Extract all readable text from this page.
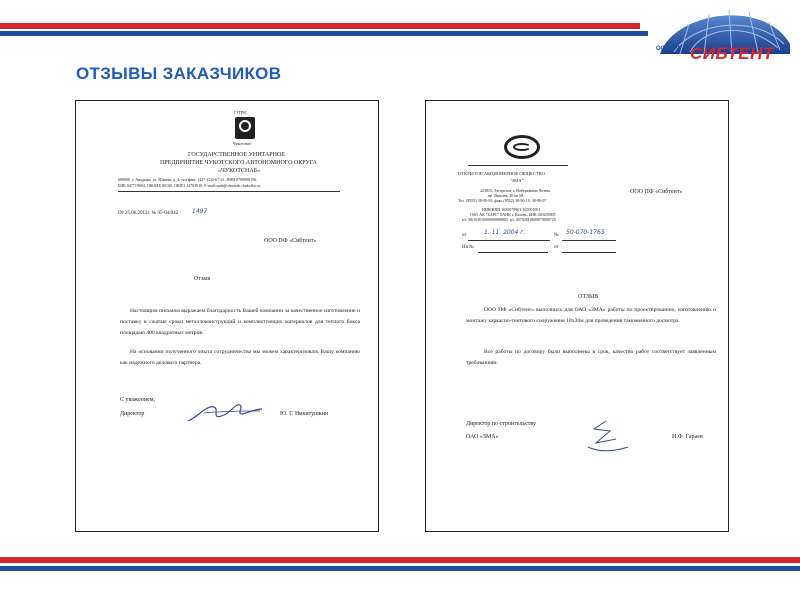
ООО ПФ СИБТЕНТ
ОТЗЫВЫ ЗАКАЗЧИКОВ
ГУПЧС
Чукотснаб
ГОСУДАРСТВЕННОЕ УНИТАРНОЕ
ПРЕДПРИЯТИЕ ЧУКОТСКОГО АВТОНОМНОГО ОКРУГА
«ЧУКОТСНАБ»
689000, г. Анадырь, ул. Южная, д. 4, тел/факс: (427-22)2-67-21, ИНН 8709008156,
БИК 047719604, ОКОНХ 80100, ОКПО 34763910, E-mail:snab@chotnab.chukotka.ru
От 25.06.2012г. № 05-04/042 1497
ООО ПФ «Сибтент»
Отзыв
Настоящим письмом выражаем благодарность Вашей компании за качественное изготовление и поставку в сжатые сроки металлоконструкций и комплектующих материалов для теплого бокса площадью 400 квадратных метров.
На основании полученного опыта сотрудничества мы можем характеризовать Вашу компанию как надежного делового партнера.
С уважением,
Директор	Ю. Г. Никитушкин
ОТКРЫТОЕ АКЦИОНЕРНОЕ ОБЩЕСТВО
"ЗМА"
423815, Татарстан, г. Набережные Челны,
пр. Яшьлек, 20 кв 68
Тел. (8552) 38-90-93, факс (8552) 38-90-18, 38-90-07
ИНН/КПП 1650079901/165001001
ОАО АК "БАРС" БАНК г. Казань, БИК 049205805
к/с 30101810000000000805, р/с 40702810600070000725
ООО ПФ «Сибтент»
от	1. 11. 2004 г.	№ 50-070-1765
На №	от
ОТЗЫВ
ООО ПФ «Сибтент» выполнило для ОАО «ЗМА» работы по проектированию, изготовлению и монтажу каркасно-тентового сооружения 18х30м для проведения таможенного досмотра.
Все работы по договору были выполнены в срок, качество работ соответствует заявленным требованиям.
Директор по строительству
ОАО «ЗМА»	И.Ф. Гараев
